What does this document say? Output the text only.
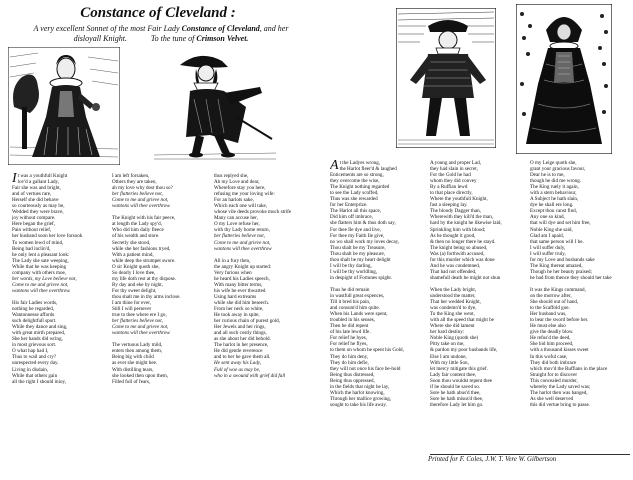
Constance of Cleveland :
A very excellent Sonnet of the most Fair Lady Constance of Cleveland, and her
disloyall Knight.	To the tune of Crimson Velvet.
It was a youthfull Knight
lov'd a gallant Lady,
Fair she was and bright,
and of vertues rare,
Herself she did behave
so courteously as may be,
Wedded they were brave,
joy without compare.
Here began the grief,
Pain without relief,
her husband soon her love forsook
To women lewd of mind,
Being bad inclin'd,
he only lent a pleasant look:
The Lady she sate weeping,
While that he was keeping
company with others moe,
her words, my Love believe not,
Come to me and grieve not,
wantons will thee overthrow.
His fair Ladies words,
nothing he regarded,
Wantonnesse affords
such delightfull sport.
While they dance and sing,
with great mirth prepared,
She her hands did wring,
in most grievous sort.
O what hap had I,
Thus to wail and cry?
unrespected every day.
Living in disdain,
While that others gain
all the right I should inioy,
I am left forsaken,
Others they are taken,
ah my love why dost thou so?
her flatteries believe not,
Come to me and grieve not,
wantons will thee overthrow.
The Knight with his fair peece,
at length the Lady spy'd,
Who did him daily fleece
of his wealth and store.
Secretly she stood,
while she her fashions tryed,
With a patient mind,
while deep the strumpet swore.
O sir Knight quoth she,
So dearly I love thee,
my life doth rest at thy dispose.
By day and eke by night,
For thy sweet delight,
thou shalt me in thy arms inclose.
I am thine for ever,
Still I will persever
true to thee where ere I go,
her flatteries believe not,
Come to me and grieve not,
wantons will thee overthrow.
The vertuous Lady mild,
enters then among them,
Being big with child
as ever she might bee.
With distilling tears,
she looked then upon them,
Filled full of fears,
thus replyed she,
Ah my Love and dear,
Wherefore stay you here,
refusing me your loving wife:
For an harlots sake,
Which each one will take,
whose vile deeds provoke much strife
Many can accuse her,
O my Love refuse her,
with thy Lady home return,
her flatteries believe not,
Come to me and grieve not,
wantons will thee overthrow
All in a fury then,
the angry Knight up started:
Very furious when
he heard his Ladies speech,
With many bitter terms,
his wife he ever thwarted
Using hard extreams
while she did him beseech.
From her neck so white,
He took away in spite,
her curious chain of purest gold,
Her Jewels and her rings,
and all such costly things,
as she about her did behold.
The harlot in her presence,
He did gentle reverence
and to her he gave them all.
He sent away his Lady,
Full of woe as may be,
who in a swound with grief did fall
At the Ladyes wrong,
the Harlot fleer'd & laughed
Enticements are so strong,
they overcome the wise,
The Knight nothing regarded
to see the Lady scoffed,
Thus was she rewarded
for her Enterprize.
The Harlot all this space,
Did him off imbrace,
she flatters him & thus doth say,
For thee Ile dye and live,
For thee my Faith Ile give,
no wo shall work my loves decay,
Thou shalt be my Treasure,
Thou shalt be my pleasure,
thou shalt be my heart delight
I will be thy darling,
I will be thy worldling,
in despight of Fortunes spight.
Thus he did remain
in wastfull great expences,
Till it bred his pain,
and consum'd him quite.
When his Lands were spent,
troubled in his senses,
Then he did repent
of his late lewd life.
For relief he hyes,
For relief he flyes,
to them on whom he spent his Gold,
They do him deny,
They do him defie,
they will not once his face be-hold
Being thus distressed,
Being thus oppressed,
in the fields that night he lay,
Which the harlot knowing,
Through her mallice growing,
sought to take his life away.
A young and proper Lad,
they had slain in secret,
For the Gold he had
whom they did convey
By a Ruffian lewd
to that place directly,
Where the youthfull Knight,
fast a sleeping lay.
The bloody Dagger than,
Wherewith they kill'd the man,
hard by the knight he likewise laid,
Sprinkling him with blood;
As he thought it good,
& then no longer there he stayd.
The knight being so abused,
Was (a) forthwith accused,
for this murder which was done
And he was condemned,
That had not offended,
shamefull death he might not shun
When the Lady bright,
understood the matter,
That her wedded Knight,
was condemn'd to dye,
To the King she went,
with all the speed that might be
Where she did lament
her hard destiny:
Noble King (quoth she)
Pitty take on me,
& pardon my poor husbands life,
Else I am undone,
With my little Son,
let mercy mitigate this grief.
Lady fair content thee,
Soon thou wouldst repent thee
if he should be saved so.
Sore he hath abus'd thee,
Sore he hath misus'd thee,
therefore Lady let him go.
O my Leige quoth she,
grant your gracious favour,
Dear he is to me,
though he did me wrong.
The King ruely it again,
with a stern behaviour,
A Subject he hath slain,
dye he shall ere long.
Except thou canst find,
Any one so kind,
that will dye and set him free,
Noble King she said,
Glad am I apaid,
that same person will I be.
I will suffer duly,
I will suffer truly,
for my Love and husbands sake
The King thereat amazed,
Though he her beauty praised;
he bad from thence they should her take
It was the Kings command,
on the morrow after,
She should out of hand,
to the Scaffold goe.
Her husband was,
to bear the sword before her.
He must else also
give the deadly blow.
He refus'd the deed,
She bid him proceed,
with a thousand kisses sweet
In this woful case,
They did both imbrace
which mov'd the Ruffians in the place
Straight for to discover
This concealed murder,
whereby the Lady saved was;
The harlot then was hanged,
As she well deserved
this did vertue bring to passe.
Printed for F. Coles, J.W. T. Vere W. Gilbertson
